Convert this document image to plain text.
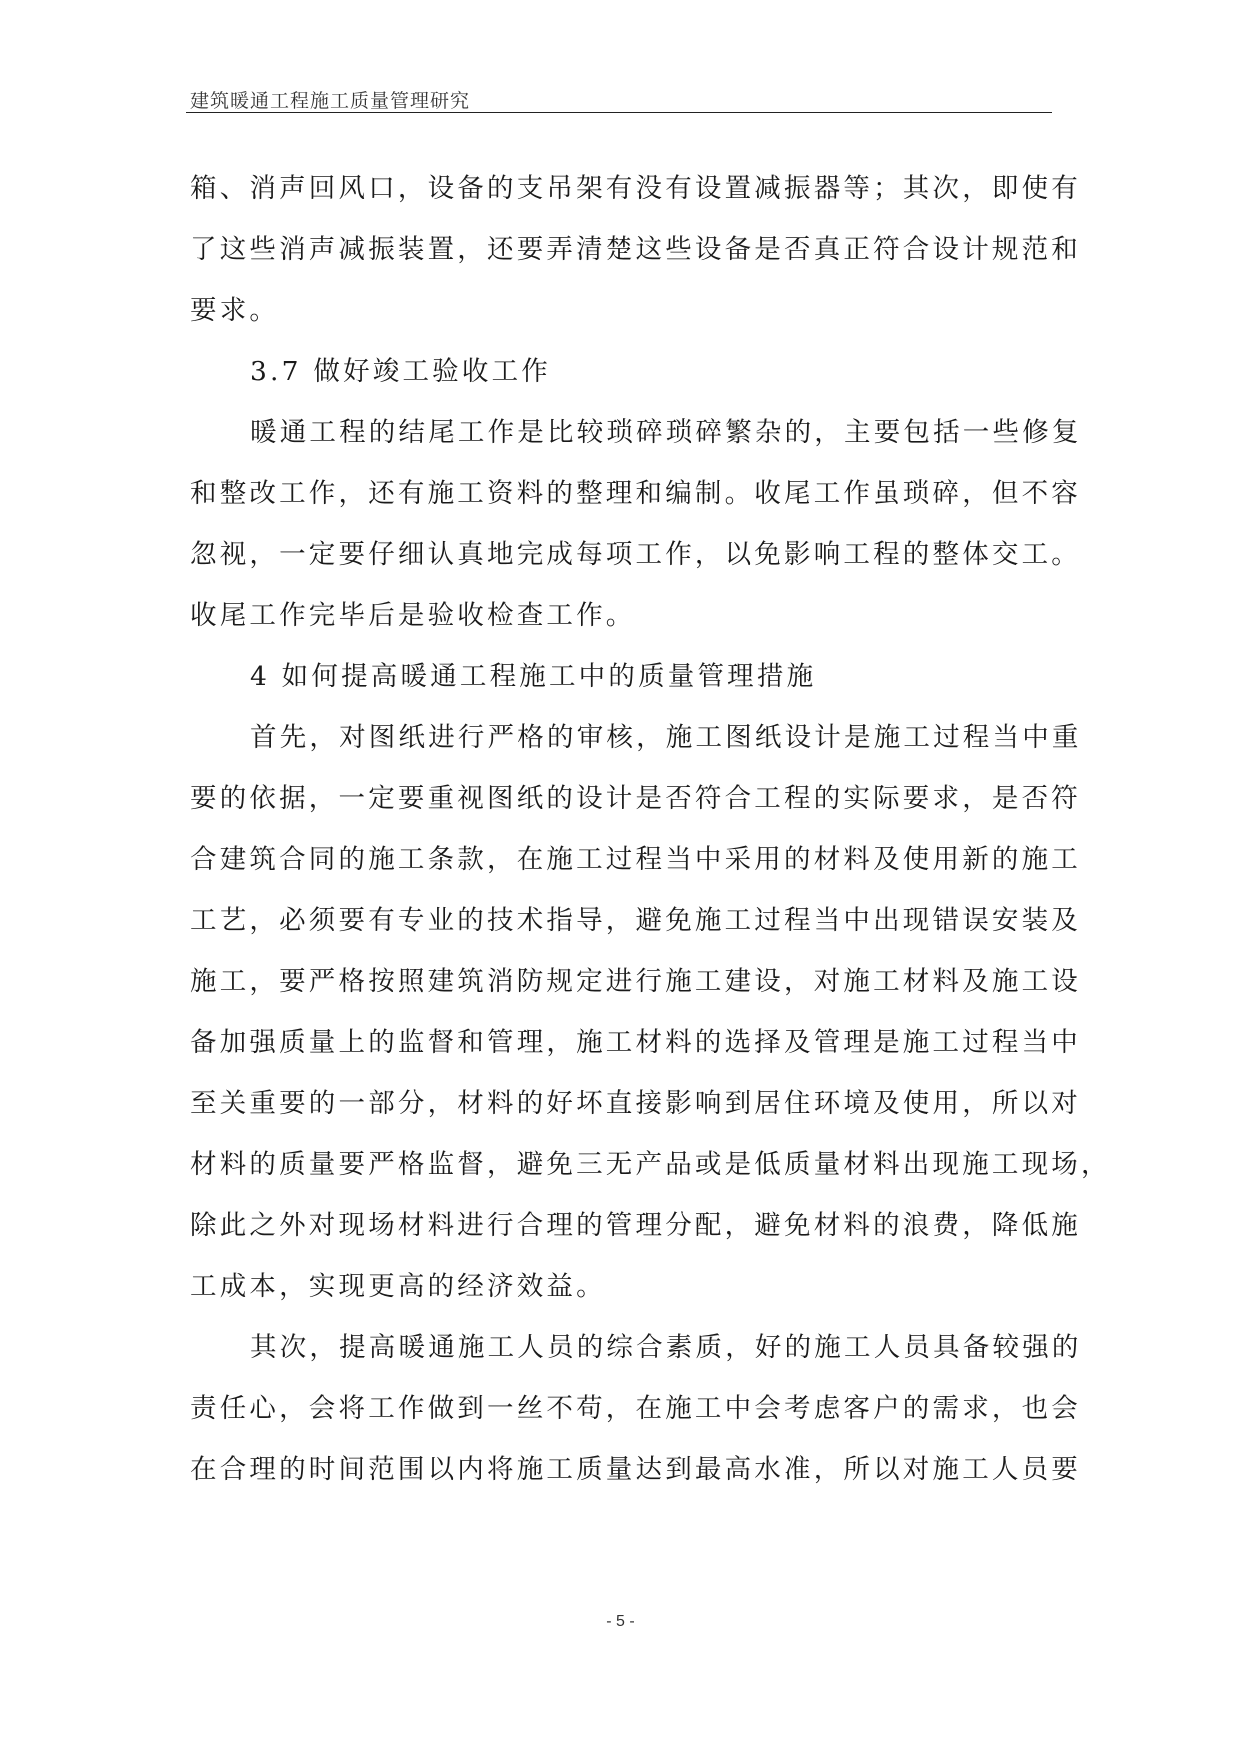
建筑暖通工程施工质量管理研究
箱、消声回风口，设备的支吊架有没有设置减振器等；其次，即使有
了这些消声减振装置，还要弄清楚这些设备是否真正符合设计规范和
要求。
3.7 做好竣工验收工作
暖通工程的结尾工作是比较琐碎琐碎繁杂的，主要包括一些修复
和整改工作，还有施工资料的整理和编制。收尾工作虽琐碎，但不容
忽视，一定要仔细认真地完成每项工作，以免影响工程的整体交工。
收尾工作完毕后是验收检查工作。
4 如何提高暖通工程施工中的质量管理措施
首先，对图纸进行严格的审核，施工图纸设计是施工过程当中重
要的依据，一定要重视图纸的设计是否符合工程的实际要求，是否符
合建筑合同的施工条款，在施工过程当中采用的材料及使用新的施工
工艺，必须要有专业的技术指导，避免施工过程当中出现错误安装及
施工，要严格按照建筑消防规定进行施工建设，对施工材料及施工设
备加强质量上的监督和管理，施工材料的选择及管理是施工过程当中
至关重要的一部分，材料的好坏直接影响到居住环境及使用，所以对
材料的质量要严格监督，避免三无产品或是低质量材料出现施工现场，
除此之外对现场材料进行合理的管理分配，避免材料的浪费，降低施
工成本，实现更高的经济效益。
其次，提高暖通施工人员的综合素质，好的施工人员具备较强的
责任心，会将工作做到一丝不苟，在施工中会考虑客户的需求，也会
在合理的时间范围以内将施工质量达到最高水准，所以对施工人员要
- 5 -
